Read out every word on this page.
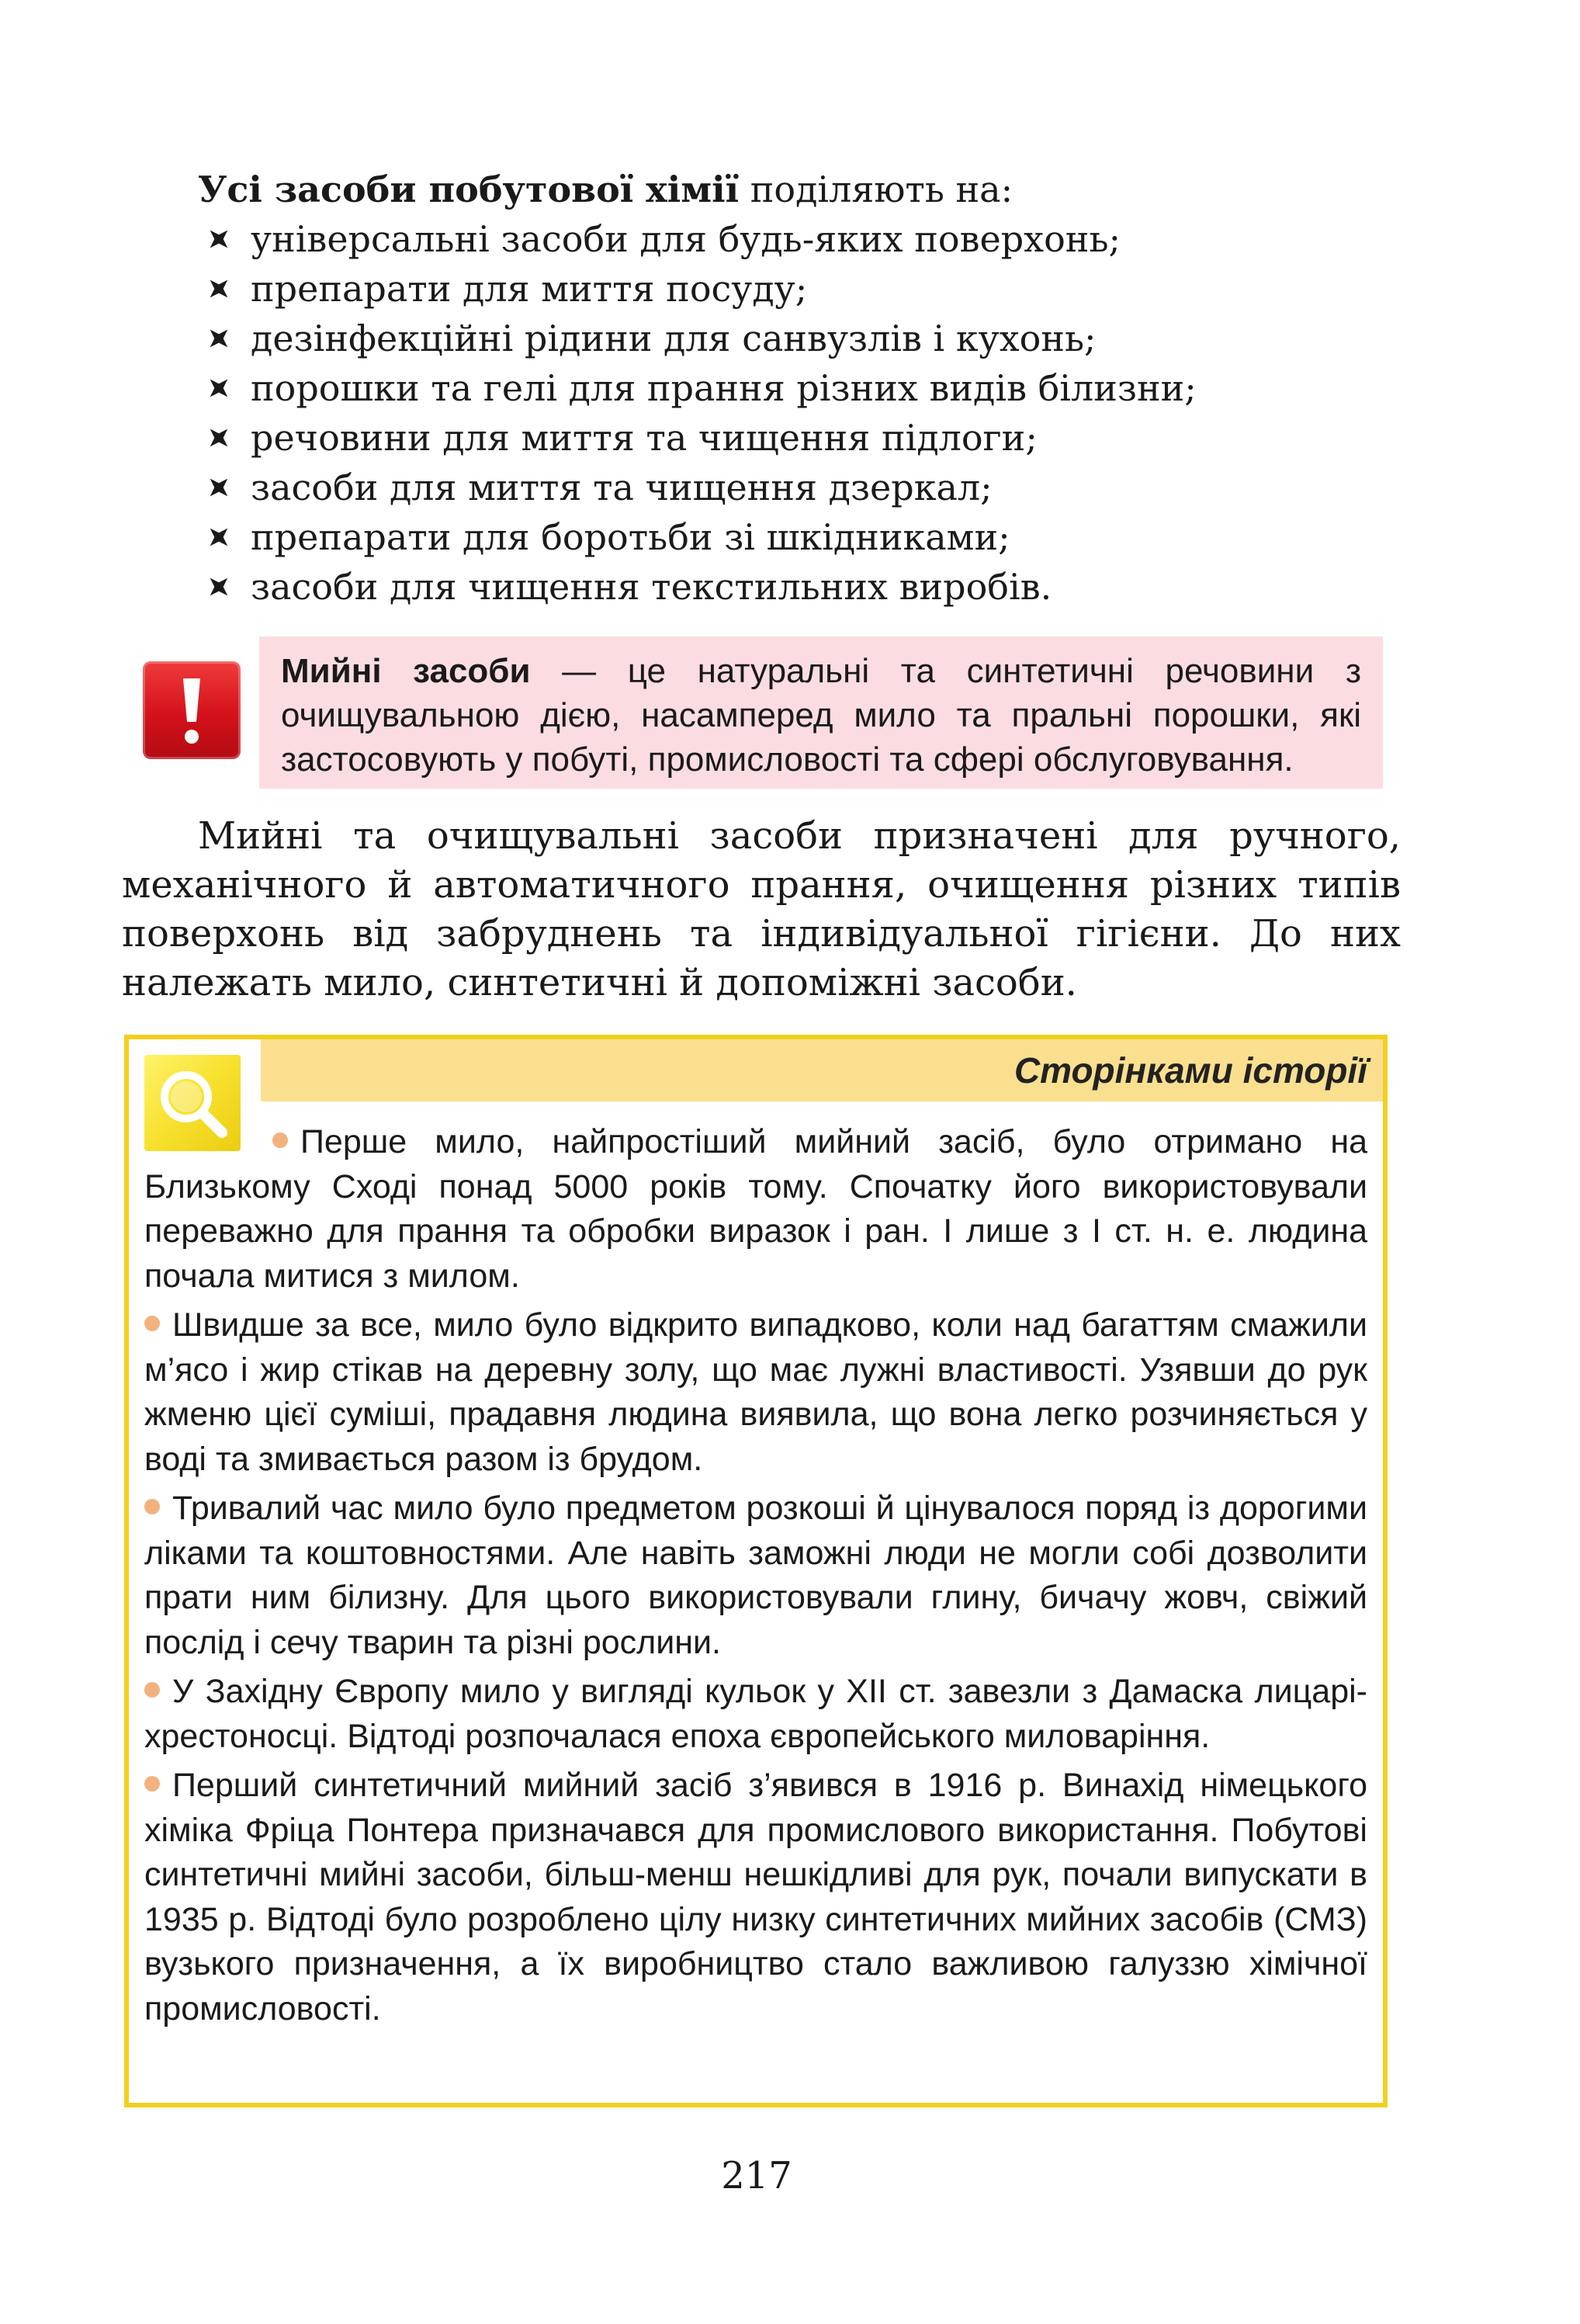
Усі засоби побутової хімії поділяють на:
універсальні засоби для будь-яких поверхонь;
препарати для миття посуду;
дезінфекційні рідини для санвузлів і кухонь;
порошки та гелі для прання різних видів білизни;
речовини для миття та чищення підлоги;
засоби для миття та чищення дзеркал;
препарати для боротьби зі шкідниками;
засоби для чищення текстильних виробів.
Мийні засоби — це натуральні та синтетичні речовини з очищувальною дією, насамперед мило та пральні порошки, які застосовують у побуті, промисловості та сфері обслуговування.

Мийні та очищувальні засоби призначені для ручного, механічного й автоматичного прання, очищення різних типів поверхонь від забруднень та індивідуальної гігієни. До них належать мило, синтетичні й допоміжні засоби.

Сторінками історії

Перше мило, найпростіший мийний засіб, було отримано на Близькому Сході понад 5000 років тому. Спочатку його використовували переважно для прання та обробки виразок і ран. І лише з І ст. н. е. людина почала митися з милом.

Швидше за все, мило було відкрито випадково, коли над багаттям смажили м’ясо і жир стікав на деревну золу, що має лужні властивості. Узявши до рук жменю цієї суміші, прадавня людина виявила, що вона легко розчиняється у воді та змивається разом із брудом.

Тривалий час мило було предметом розкоші й цінувалося поряд із дорогими ліками та коштовностями. Але навіть заможні люди не могли собі дозволити прати ним білизну. Для цього використовували глину, бичачу жовч, свіжий послід і сечу тварин та різні рослини.

У Західну Європу мило у вигляді кульок у XII ст. завезли з Дамаска лицарі-хрестоносці. Відтоді розпочалася епоха європейського миловаріння.

Перший синтетичний мийний засіб з’явився в 1916 р. Винахід німецького хіміка Фріца Понтера призначався для промислового використання. Побутові синтетичні мийні засоби, більш-менш нешкідливі для рук, почали випускати в 1935 р. Відтоді було розроблено цілу низку синтетичних мийних засобів (СМЗ) вузького призначення, а їх виробництво стало важливою галуззю хімічної промисловості.

217
